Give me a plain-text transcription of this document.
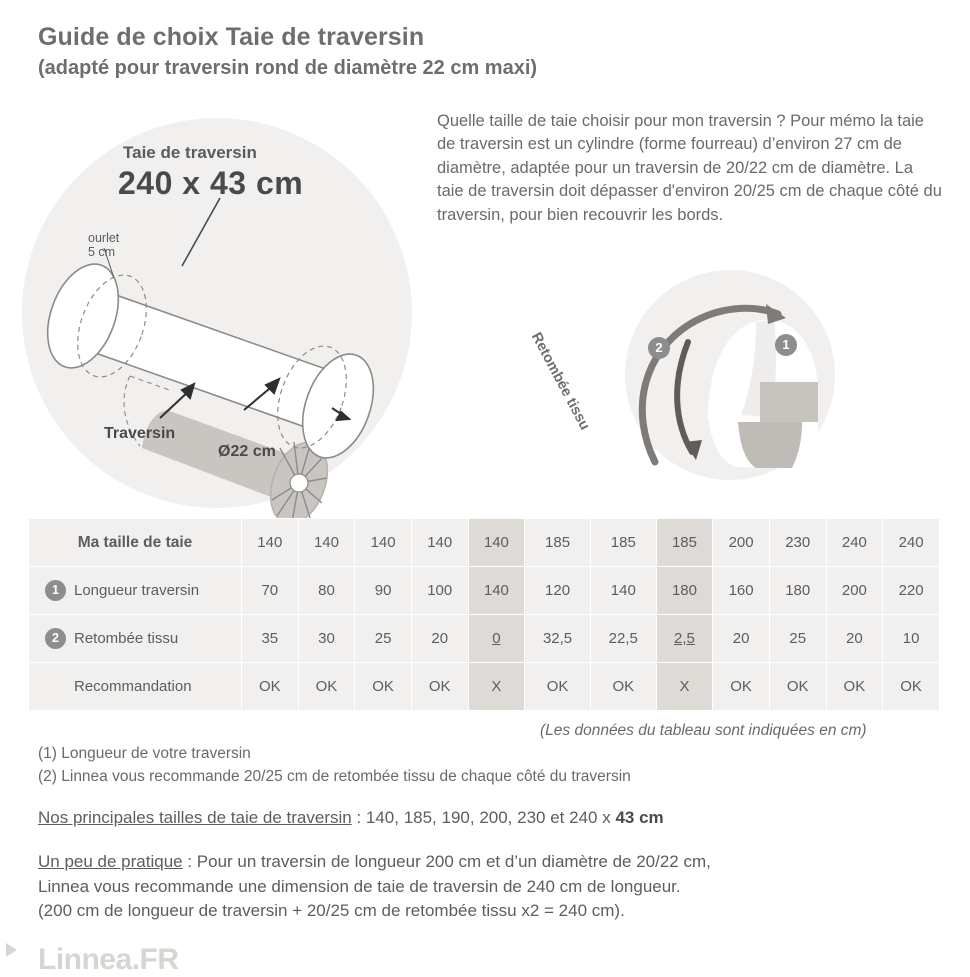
Guide de choix Taie de traversin
(adapté pour traversin rond de diamètre 22 cm maxi)
Quelle taille de taie choisir pour mon traversin ? Pour mémo la taie de traversin est un cylindre (forme fourreau) d’environ 27 cm de diamètre, adaptée pour un traversin de 20/22 cm de diamètre. La taie de traversin doit dépasser d'environ 20/25 cm de chaque côté du traversin, pour bien recouvrir les bords.
Taie de traversin
240 x 43 cm
ourlet
5 cm
Traversin
Ø22 cm
Retombée tissu	2	1
Ma taille de taie	140	140	140	140	140	185	185	185	200	230	240	240

1 Longueur traversin	70	80	90	100	140	120	140	180	160	180	200	220

2 Retombée tissu	35	30	25	20	0	32,5	22,5	2,5	20	25	20	10

Recommandation	OK	OK	OK	OK	X	OK	OK	X	OK	OK	OK	OK
(Les données du tableau sont indiquées en cm)
(1) Longueur de votre traversin
(2) Linnea vous recommande 20/25 cm de retombée tissu de chaque côté du traversin
Nos principales tailles de taie de traversin : 140, 185, 190, 200, 230 et 240 x 43 cm
Un peu de pratique : Pour un traversin de longueur 200 cm et d’un diamètre de 20/22 cm,
Linnea vous recommande une dimension de taie de traversin de 240 cm de longueur.
(200 cm de longueur de traversin + 20/25 cm de retombée tissu x2 = 240 cm).
Linnea.FR
